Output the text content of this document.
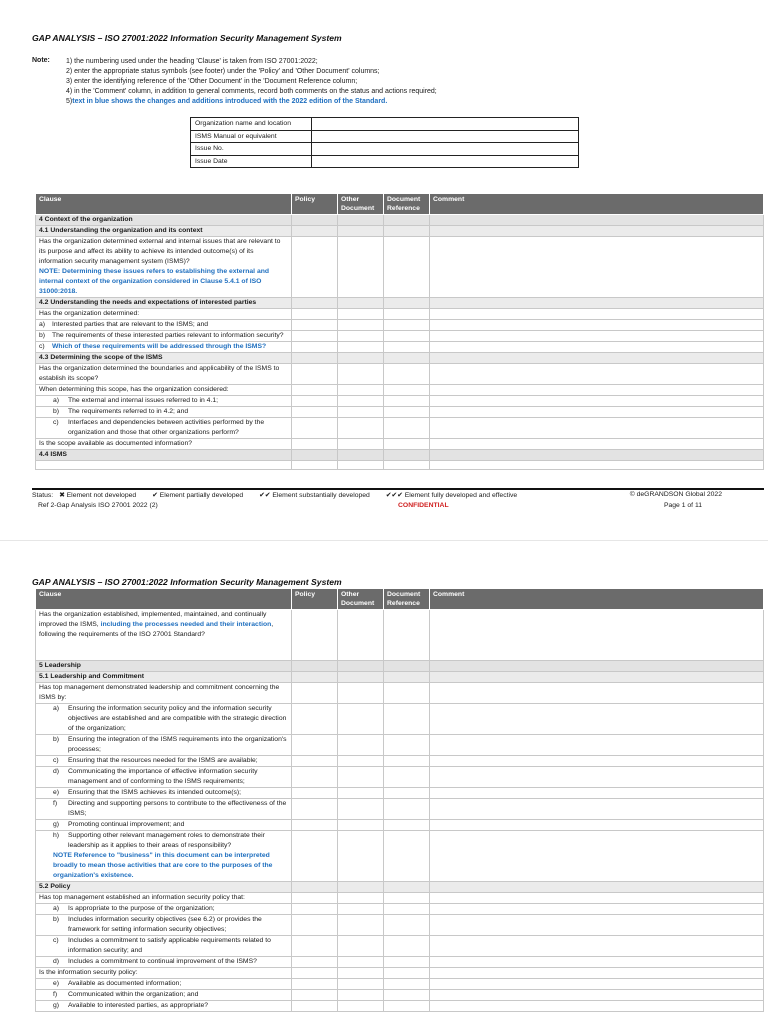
GAP ANALYSIS – ISO 27001:2022 Information Security Management System
Note: 1) the numbering used under the heading 'Clause' is taken from ISO 27001:2022;
2) enter the appropriate status symbols (see footer) under the 'Policy' and 'Other Document' columns;
3) enter the identifying reference of the 'Other Document' in the 'Document Reference column;
4) in the 'Comment' column, in addition to general comments, record both comments on the status and actions required;
5)text in blue shows the changes and additions introduced with the 2022 edition of the Standard.
Organization name and location	
ISMS Manual or equivalent	
Issue No.	
Issue Date	
Clause	Policy	Other Document	Document Reference	Comment
4 Context of the organization				
4.1 Understanding the organization and its context				

Has the organization determined external and internal issues that are relevant to its purpose and affect its ability to achieve its intended outcome(s) of its information security management system (ISMS)?
NOTE: Determining these issues refers to establishing the external and internal context of the organization considered in Clause 5.4.1 of ISO 31000:2018.				

4.2 Understanding the needs and expectations of interested parties				
Has the organization determined:				

a) Interested parties that are relevant to the ISMS; and				

b) The requirements of these interested parties relevant to information security?				

c) Which of these requirements will be addressed through the ISMS?				

4.3 Determining the scope of the ISMS				
Has the organization determined the boundaries and applicability of the ISMS to establish its scope?				
When determining this scope, has the organization considered:				

a) The external and internal issues referred to in 4.1;				

b) The requirements referred to in 4.2; and				

c) Interfaces and dependencies between activities performed by the organization and those that other organizations perform?				

Is the scope available as documented information?				
4.4 ISMS				

Status: ✖ Element not developed ✔ Element partially developed ✔✔ Element substantially developed ✔✔✔ Element fully developed and effective	© deGRANDSON Global 2022
Ref 2-Gap Analysis ISO 27001 2022 (2)	CONFIDENTIAL	Page 1 of 11
GAP ANALYSIS – ISO 27001:2022 Information Security Management System
Clause	Policy	Other Document	Document Reference	Comment
Has the organization established, implemented, maintained, and continually improved the ISMS, including the processes needed and their interaction, following the requirements of the ISO 27001 Standard?				
5 Leadership				
5.1 Leadership and Commitment				
Has top management demonstrated leadership and commitment concerning the ISMS by:				

a) Ensuring the information security policy and the information security objectives are established and are compatible with the strategic direction of the organization;				

b) Ensuring the integration of the ISMS requirements into the organization's processes;				

c) Ensuring that the resources needed for the ISMS are available;				

d) Communicating the importance of effective information security management and of conforming to the ISMS requirements;				

e) Ensuring that the ISMS achieves its intended outcome(s);				

f) Directing and supporting persons to contribute to the effectiveness of the ISMS;				

g) Promoting continual improvement; and				

h) Supporting other relevant management roles to demonstrate their leadership as it applies to their areas of responsibility?
NOTE Reference to "business" in this document can be interpreted broadly to mean those activities that are core to the purposes of the organization's existence.				

5.2 Policy				
Has top management established an information security policy that:				

a) Is appropriate to the purpose of the organization;				

b) Includes information security objectives (see 6.2) or provides the framework for setting information security objectives;				

c) Includes a commitment to satisfy applicable requirements related to information security; and				

d) Includes a commitment to continual improvement of the ISMS?				

Is the information security policy:				

e) Available as documented information;				

f) Communicated within the organization; and				

g) Available to interested parties, as appropriate?				
